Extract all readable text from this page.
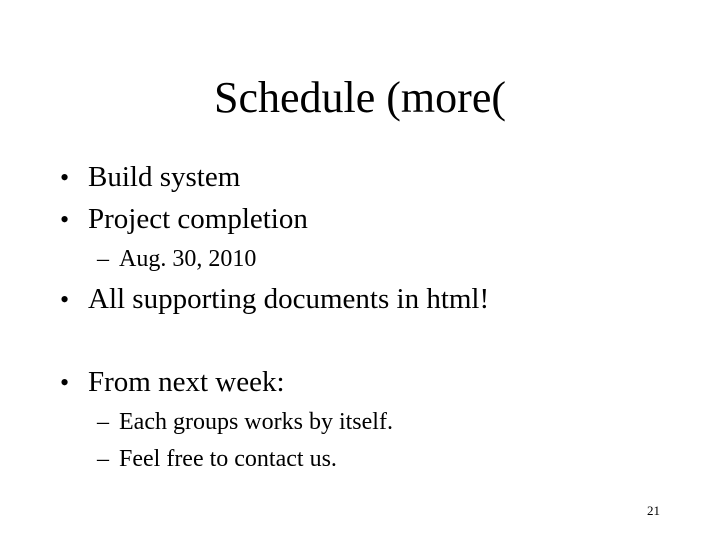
Schedule (more(
• Build system
• Project completion
– Aug. 30, 2010
• All supporting documents in html!
• From next week:
– Each groups works by itself.
– Feel free to contact us.
21
